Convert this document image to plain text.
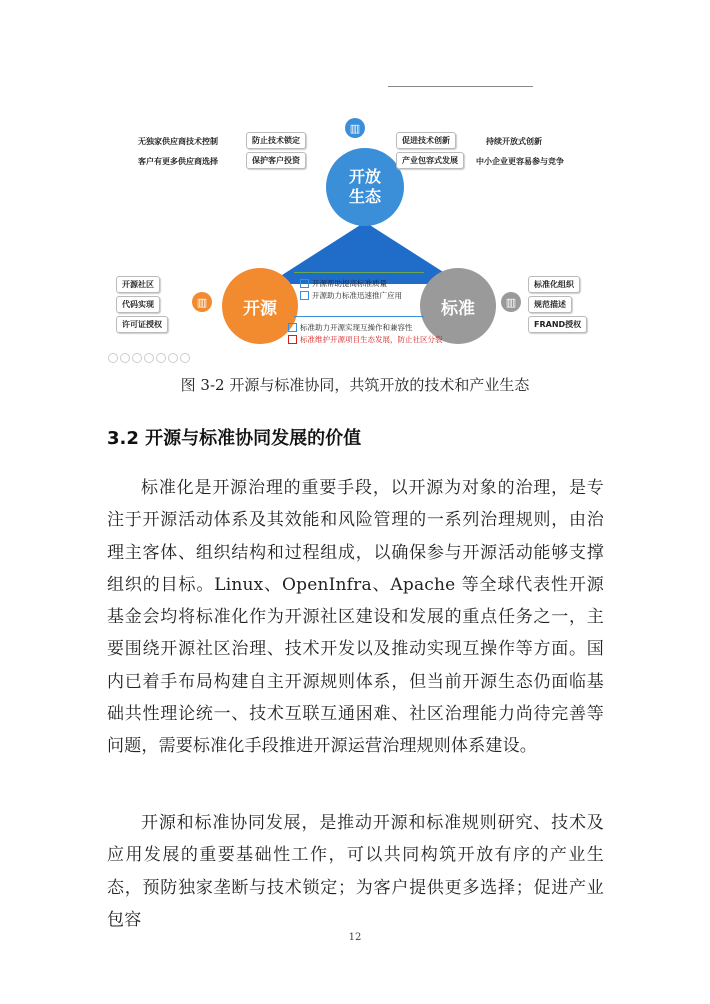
▥
▥	▥
开放
生态
开源	标准
无独家供应商技术控制
客户有更多供应商选择
防止技术锁定
保护客户投资
促进技术创新
产业包容式发展
持续开放式创新
中小企业更容易参与竞争
开源社区
代码实现
许可证授权
标准化组织
规范描述
FRAND授权
开源帮助提高标准质量
开源助力标准迅速推广应用
标准助力开源实现互操作和兼容性
标准维护开源项目生态发展，防止社区分裂
图 3-2 开源与标准协同，共筑开放的技术和产业生态
3.2 开源与标准协同发展的价值
标准化是开源治理的重要手段，以开源为对象的治理，是专注于开源活动体系及其效能和风险管理的一系列治理规则，由治理主客体、组织结构和过程组成，以确保参与开源活动能够支撑组织的目标。Linux、OpenInfra、Apache 等全球代表性开源基金会均将标准化作为开源社区建设和发展的重点任务之一，主要围绕开源社区治理、技术开发以及推动实现互操作等方面。国内已着手布局构建自主开源规则体系，但当前开源生态仍面临基础共性理论统一、技术互联互通困难、社区治理能力尚待完善等问题，需要标准化手段推进开源运营治理规则体系建设。
开源和标准协同发展，是推动开源和标准规则研究、技术及应用发展的重要基础性工作，可以共同构筑开放有序的产业生态，预防独家垄断与技术锁定；为客户提供更多选择；促进产业包容
12
